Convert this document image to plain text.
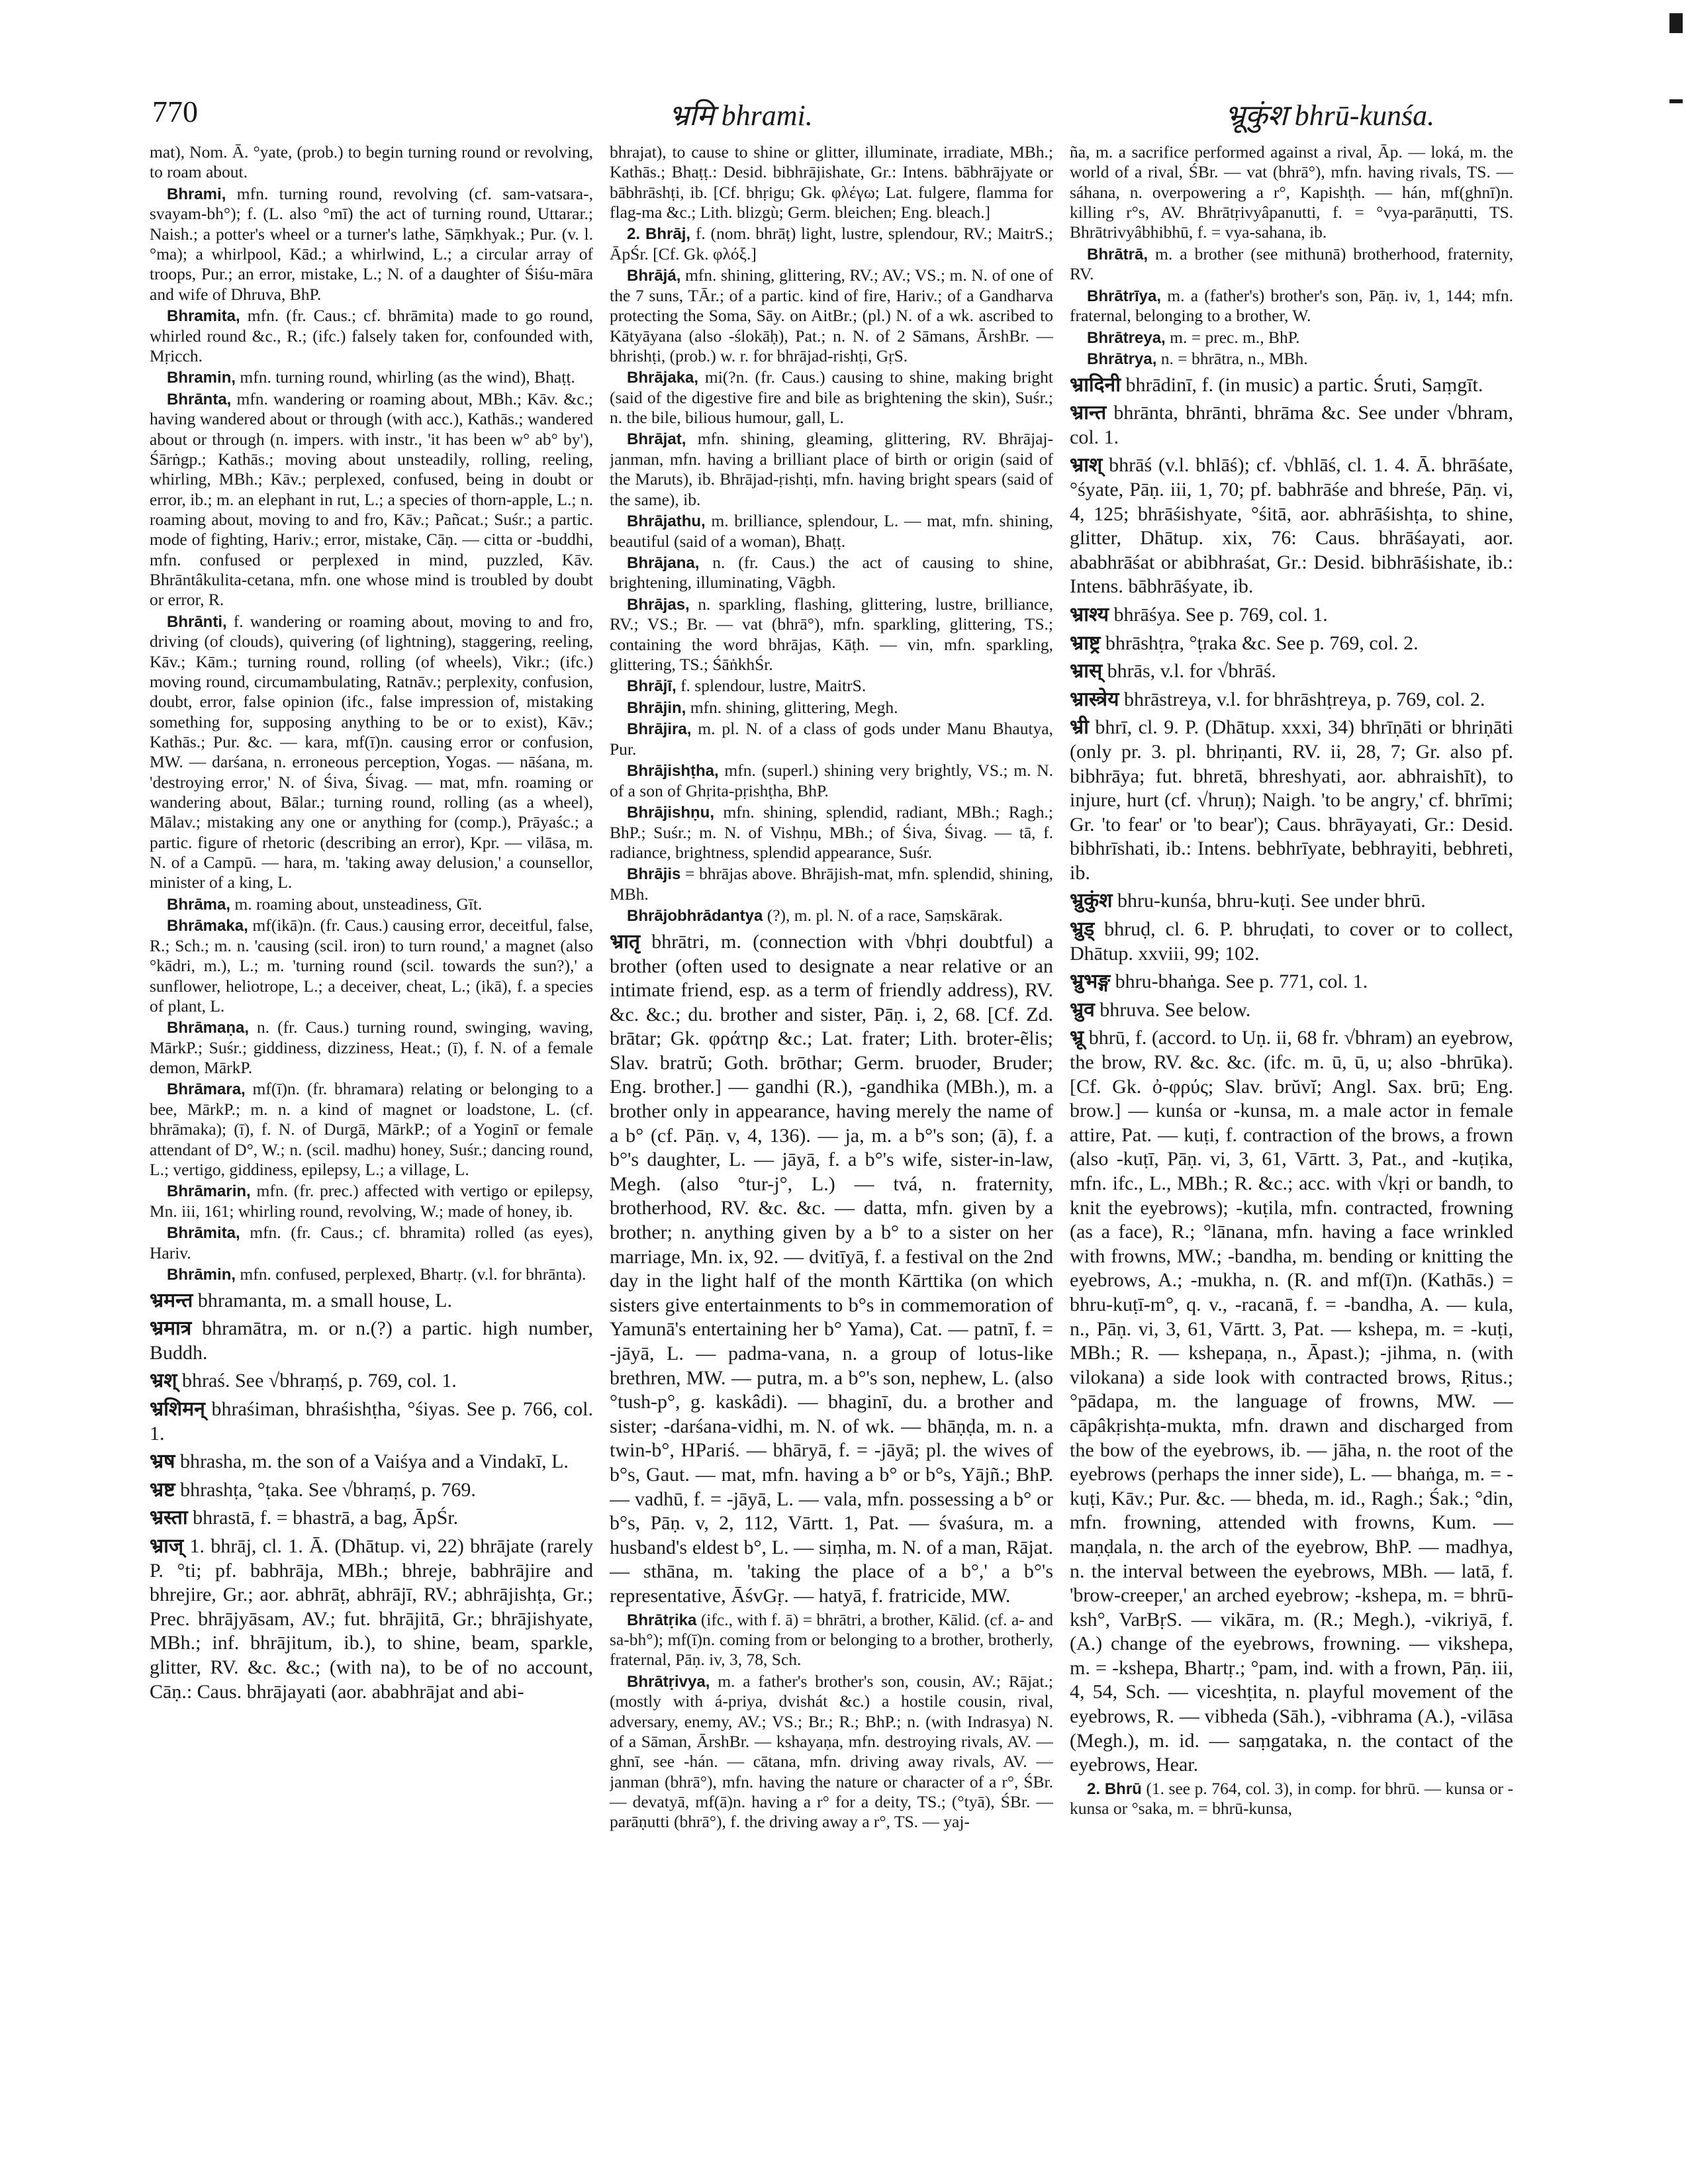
770	भ्रमि bhrami.	भ्रूकुंश bhrū-kunśa.

mat), Nom. Ā. °yate, (prob.) to begin turning round or revolving, to roam about.

Bhrami, mfn. turning round, revolving (cf. sam-vatsara-, svayam-bh°); f. (L. also °mī) the act of turning round, Uttarar.; Naish.; a potter's wheel or a turner's lathe, Sāṃkhyak.; Pur. (v. l. °ma); a whirlpool, Kād.; a whirlwind, L.; a circular array of troops, Pur.; an error, mistake, L.; N. of a daughter of Śiśu-māra and wife of Dhruva, BhP.

Bhramita, mfn. (fr. Caus.; cf. bhrāmita) made to go round, whirled round &c., R.; (ifc.) falsely taken for, confounded with, Mṛicch.

Bhramin, mfn. turning round, whirling (as the wind), Bhaṭṭ.

Bhrānta, mfn. wandering or roaming about, MBh.; Kāv. &c.; having wandered about or through (with acc.), Kathās.; wandered about or through (n. impers. with instr., 'it has been w° ab° by'), Śārṅgp.; Kathās.; moving about unsteadily, rolling, reeling, whirling, MBh.; Kāv.; perplexed, confused, being in doubt or error, ib.; m. an elephant in rut, L.; a species of thorn-apple, L.; n. roaming about, moving to and fro, Kāv.; Pañcat.; Suśr.; a partic. mode of fighting, Hariv.; error, mistake, Cāṇ. — citta or -buddhi, mfn. confused or perplexed in mind, puzzled, Kāv. Bhrāntâkulita-cetana, mfn. one whose mind is troubled by doubt or error, R.

Bhrānti, f. wandering or roaming about, moving to and fro, driving (of clouds), quivering (of lightning), staggering, reeling, Kāv.; Kām.; turning round, rolling (of wheels), Vikr.; (ifc.) moving round, circumambulating, Ratnāv.; perplexity, confusion, doubt, error, false opinion (ifc., false impression of, mistaking something for, supposing anything to be or to exist), Kāv.; Kathās.; Pur. &c. — kara, mf(ī)n. causing error or confusion, MW. — darśana, n. erroneous perception, Yogas. — nāśana, m. 'destroying error,' N. of Śiva, Śivag. — mat, mfn. roaming or wandering about, Bālar.; turning round, rolling (as a wheel), Mālav.; mistaking any one or anything for (comp.), Prāyaśc.; a partic. figure of rhetoric (describing an error), Kpr. — vilāsa, m. N. of a Campū. — hara, m. 'taking away delusion,' a counsellor, minister of a king, L.

Bhrāma, m. roaming about, unsteadiness, Gīt.

Bhrāmaka, mf(ikā)n. (fr. Caus.) causing error, deceitful, false, R.; Sch.; m. n. 'causing (scil. iron) to turn round,' a magnet (also °kādri, m.), L.; m. 'turning round (scil. towards the sun?),' a sunflower, heliotrope, L.; a deceiver, cheat, L.; (ikā), f. a species of plant, L.

Bhrāmaṇa, n. (fr. Caus.) turning round, swinging, waving, MārkP.; Suśr.; giddiness, dizziness, Heat.; (ī), f. N. of a female demon, MārkP.

Bhrāmara, mf(ī)n. (fr. bhramara) relating or belonging to a bee, MārkP.; m. n. a kind of magnet or loadstone, L. (cf. bhrāmaka); (ī), f. N. of Durgā, MārkP.; of a Yoginī or female attendant of D°, W.; n. (scil. madhu) honey, Suśr.; dancing round, L.; vertigo, giddiness, epilepsy, L.; a village, L.

Bhrāmarin, mfn. (fr. prec.) affected with vertigo or epilepsy, Mn. iii, 161; whirling round, revolving, W.; made of honey, ib.

Bhrāmita, mfn. (fr. Caus.; cf. bhramita) rolled (as eyes), Hariv.

Bhrāmin, mfn. confused, perplexed, Bhartṛ. (v.l. for bhrānta).

भ्रमन्त bhramanta, m. a small house, L.

भ्रमात्र bhramātra, m. or n.(?) a partic. high number, Buddh.

भ्रश् bhraś. See √bhraṃś, p. 769, col. 1.

भ्रशिमन् bhraśiman, bhraśishṭha, °śiyas. See p. 766, col. 1.

भ्रष bhrasha, m. the son of a Vaiśya and a Vindakī, L.

भ्रष्ट bhrashṭa, °ṭaka. See √bhraṃś, p. 769.

भ्रस्ता bhrastā, f. = bhastrā, a bag, ĀpŚr.

भ्राज् 1. bhrāj, cl. 1. Ā. (Dhātup. vi, 22) bhrājate (rarely P. °ti; pf. babhrāja, MBh.; bhreje, babhrājire and bhrejire, Gr.; aor. abhrāṭ, abhrājī, RV.; abhrājishṭa, Gr.; Prec. bhrājyāsam, AV.; fut. bhrājitā, Gr.; bhrājishyate, MBh.; inf. bhrājitum, ib.), to shine, beam, sparkle, glitter, RV. &c. &c.; (with na), to be of no account, Cāṇ.: Caus. bhrājayati (aor. ababhrājat and abi-

bhrajat), to cause to shine or glitter, illuminate, irradiate, MBh.; Kathās.; Bhaṭṭ.: Desid. bibhrājishate, Gr.: Intens. bābhrājyate or bābhrāshṭi, ib. [Cf. bhṛigu; Gk. φλέγω; Lat. fulgere, flamma for flag-ma &c.; Lith. blizgù; Germ. bleichen; Eng. bleach.]

2. Bhrāj, f. (nom. bhrāṭ) light, lustre, splendour, RV.; MaitrS.; ĀpŚr. [Cf. Gk. φλόξ.]

Bhrājá, mfn. shining, glittering, RV.; AV.; VS.; m. N. of one of the 7 suns, TĀr.; of a partic. kind of fire, Hariv.; of a Gandharva protecting the Soma, Sāy. on AitBr.; (pl.) N. of a wk. ascribed to Kātyāyana (also -ślokāḥ), Pat.; n. N. of 2 Sāmans, ĀrshBr. — bhrishṭi, (prob.) w. r. for bhrājad-rishṭi, GṛS.

Bhrājaka, mi(?n. (fr. Caus.) causing to shine, making bright (said of the digestive fire and bile as brightening the skin), Suśr.; n. the bile, bilious humour, gall, L.

Bhrājat, mfn. shining, gleaming, glittering, RV. Bhrājaj-janman, mfn. having a brilliant place of birth or origin (said of the Maruts), ib. Bhrājad-ṛishṭi, mfn. having bright spears (said of the same), ib.

Bhrājathu, m. brilliance, splendour, L. — mat, mfn. shining, beautiful (said of a woman), Bhaṭṭ.

Bhrājana, n. (fr. Caus.) the act of causing to shine, brightening, illuminating, Vāgbh.

Bhrājas, n. sparkling, flashing, glittering, lustre, brilliance, RV.; VS.; Br. — vat (bhrā°), mfn. sparkling, glittering, TS.; containing the word bhrājas, Kāṭh. — vin, mfn. sparkling, glittering, TS.; ŚāṅkhŚr.

Bhrājī, f. splendour, lustre, MaitrS.

Bhrājin, mfn. shining, glittering, Megh.

Bhrājira, m. pl. N. of a class of gods under Manu Bhautya, Pur.

Bhrājishṭha, mfn. (superl.) shining very brightly, VS.; m. N. of a son of Ghṛita-pṛishṭha, BhP.

Bhrājishṇu, mfn. shining, splendid, radiant, MBh.; Ragh.; BhP.; Suśr.; m. N. of Vishṇu, MBh.; of Śiva, Śivag. — tā, f. radiance, brightness, splendid appearance, Suśr.

Bhrājis = bhrājas above. Bhrājish-mat, mfn. splendid, shining, MBh.

Bhrājobhrādantya (?), m. pl. N. of a race, Saṃskārak.

भ्रातृ bhrātri, m. (connection with √bhṛi doubtful) a brother (often used to designate a near relative or an intimate friend, esp. as a term of friendly address), RV. &c. &c.; du. brother and sister, Pāṇ. i, 2, 68. [Cf. Zd. brātar; Gk. φράτηρ &c.; Lat. frater; Lith. broter-ẽlis; Slav. bratrŭ; Goth. brōthar; Germ. bruoder, Bruder; Eng. brother.] — gandhi (R.), -gandhika (MBh.), m. a brother only in appearance, having merely the name of a b° (cf. Pāṇ. v, 4, 136). — ja, m. a b°'s son; (ā), f. a b°'s daughter, L. — jāyā, f. a b°'s wife, sister-in-law, Megh. (also °tur-j°, L.) — tvá, n. fraternity, brotherhood, RV. &c. &c. — datta, mfn. given by a brother; n. anything given by a b° to a sister on her marriage, Mn. ix, 92. — dvitīyā, f. a festival on the 2nd day in the light half of the month Kārttika (on which sisters give entertainments to b°s in commemoration of Yamunā's entertaining her b° Yama), Cat. — patnī, f. = -jāyā, L. — padma-vana, n. a group of lotus-like brethren, MW. — putra, m. a b°'s son, nephew, L. (also °tush-p°, g. kaskâdi). — bhaginī, du. a brother and sister; -darśana-vidhi, m. N. of wk. — bhāṇḍa, m. n. a twin-b°, HPariś. — bhāryā, f. = -jāyā; pl. the wives of b°s, Gaut. — mat, mfn. having a b° or b°s, Yājñ.; BhP. — vadhū, f. = -jāyā, L. — vala, mfn. possessing a b° or b°s, Pāṇ. v, 2, 112, Vārtt. 1, Pat. — śvaśura, m. a husband's eldest b°, L. — siṃha, m. N. of a man, Rājat. — sthāna, m. 'taking the place of a b°,' a b°'s representative, ĀśvGṛ. — hatyā, f. fratricide, MW.

Bhrātṛika (ifc., with f. ā) = bhrātri, a brother, Kālid. (cf. a- and sa-bh°); mf(ī)n. coming from or belonging to a brother, brotherly, fraternal, Pāṇ. iv, 3, 78, Sch.

Bhrātṛivya, m. a father's brother's son, cousin, AV.; Rājat.; (mostly with á-priya, dvishát &c.) a hostile cousin, rival, adversary, enemy, AV.; VS.; Br.; R.; BhP.; n. (with Indrasya) N. of a Sāman, ĀrshBr. — kshayaṇa, mfn. destroying rivals, AV. — ghnī, see -hán. — cātana, mfn. driving away rivals, AV. — janman (bhrā°), mfn. having the nature or character of a r°, ŚBr. — devatyā, mf(ā)n. having a r° for a deity, TS.; (°tyā), ŚBr. — parāṇutti (bhrā°), f. the driving away a r°, TS. — yaj-

ña, m. a sacrifice performed against a rival, Āp. — loká, m. the world of a rival, ŚBr. — vat (bhrā°), mfn. having rivals, TS. — sáhana, n. overpowering a r°, Kapishṭh. — hán, mf(ghnī)n. killing r°s, AV. Bhrātṛivyâpanutti, f. = °vya-parāṇutti, TS. Bhrātrivyâbhibhū, f. = vya-sahana, ib.

Bhrātrā, m. a brother (see mithunā) brotherhood, fraternity, RV.

Bhrātrīya, m. a (father's) brother's son, Pāṇ. iv, 1, 144; mfn. fraternal, belonging to a brother, W.

Bhrātreya, m. = prec. m., BhP.

Bhrātrya, n. = bhrātra, n., MBh.

भ्रादिनी bhrādinī, f. (in music) a partic. Śruti, Saṃgīt.

भ्रान्त bhrānta, bhrānti, bhrāma &c. See under √bhram, col. 1.

भ्राश् bhrāś (v.l. bhlāś); cf. √bhlāś, cl. 1. 4. Ā. bhrāśate, °śyate, Pāṇ. iii, 1, 70; pf. babhrāśe and bhreśe, Pāṇ. vi, 4, 125; bhrāśishyate, °śitā, aor. abhrāśishṭa, to shine, glitter, Dhātup. xix, 76: Caus. bhrāśayati, aor. ababhrāśat or abibhraśat, Gr.: Desid. bibhrāśishate, ib.: Intens. bābhrāśyate, ib.

भ्राश्य bhrāśya. See p. 769, col. 1.

भ्राष्ट्र bhrāshṭra, °ṭraka &c. See p. 769, col. 2.

भ्रास् bhrās, v.l. for √bhrāś.

भ्रास्त्रेय bhrāstreya, v.l. for bhrāshṭreya, p. 769, col. 2.

भ्री bhrī, cl. 9. P. (Dhātup. xxxi, 34) bhrīṇāti or bhriṇāti (only pr. 3. pl. bhriṇanti, RV. ii, 28, 7; Gr. also pf. bibhrāya; fut. bhretā, bhreshyati, aor. abhraishīt), to injure, hurt (cf. √hruṇ); Naigh. 'to be angry,' cf. bhrīmi; Gr. 'to fear' or 'to bear'); Caus. bhrāyayati, Gr.: Desid. bibhrīshati, ib.: Intens. bebhrīyate, bebhrayiti, bebhreti, ib.

भ्रुकुंश bhru-kunśa, bhru-kuṭi. See under bhrū.

भ्रुड् bhruḍ, cl. 6. P. bhruḍati, to cover or to collect, Dhātup. xxviii, 99; 102.

भ्रुभङ्ग bhru-bhaṅga. See p. 771, col. 1.

भ्रुव bhruva. See below.

भ्रू bhrū, f. (accord. to Uṇ. ii, 68 fr. √bhram) an eyebrow, the brow, RV. &c. &c. (ifc. m. ū, ū, u; also -bhrūka). [Cf. Gk. ὀ-φρύς; Slav. brŭvĭ; Angl. Sax. brū; Eng. brow.] — kunśa or -kunsa, m. a male actor in female attire, Pat. — kuṭi, f. contraction of the brows, a frown (also -kuṭī, Pāṇ. vi, 3, 61, Vārtt. 3, Pat., and -kuṭika, mfn. ifc., L., MBh.; R. &c.; acc. with √kṛi or bandh, to knit the eyebrows); -kuṭila, mfn. contracted, frowning (as a face), R.; °lānana, mfn. having a face wrinkled with frowns, MW.; -bandha, m. bending or knitting the eyebrows, A.; -mukha, n. (R. and mf(ī)n. (Kathās.) = bhru-kuṭī-m°, q. v., -racanā, f. = -bandha, A. — kula, n., Pāṇ. vi, 3, 61, Vārtt. 3, Pat. — kshepa, m. = -kuṭi, MBh.; R. — kshepaṇa, n., Āpast.); -jihma, n. (with vilokana) a side look with contracted brows, Ṛitus.; °pādapa, m. the language of frowns, MW. — cāpâkṛishṭa-mukta, mfn. drawn and discharged from the bow of the eyebrows, ib. — jāha, n. the root of the eyebrows (perhaps the inner side), L. — bhaṅga, m. = -kuṭi, Kāv.; Pur. &c. — bheda, m. id., Ragh.; Śak.; °din, mfn. frowning, attended with frowns, Kum. — maṇḍala, n. the arch of the eyebrow, BhP. — madhya, n. the interval between the eyebrows, MBh. — latā, f. 'brow-creeper,' an arched eyebrow; -kshepa, m. = bhrū-ksh°, VarBṛS. — vikāra, m. (R.; Megh.), -vikriyā, f. (A.) change of the eyebrows, frowning. — vikshepa, m. = -kshepa, Bhartṛ.; °pam, ind. with a frown, Pāṇ. iii, 4, 54, Sch. — viceshṭita, n. playful movement of the eyebrows, R. — vibheda (Sāh.), -vibhrama (A.), -vilāsa (Megh.), m. id. — saṃgataka, n. the contact of the eyebrows, Hear.

2. Bhrū (1. see p. 764, col. 3), in comp. for bhrū. — kunsa or -kunsa or °saka, m. = bhrū-kunsa,
